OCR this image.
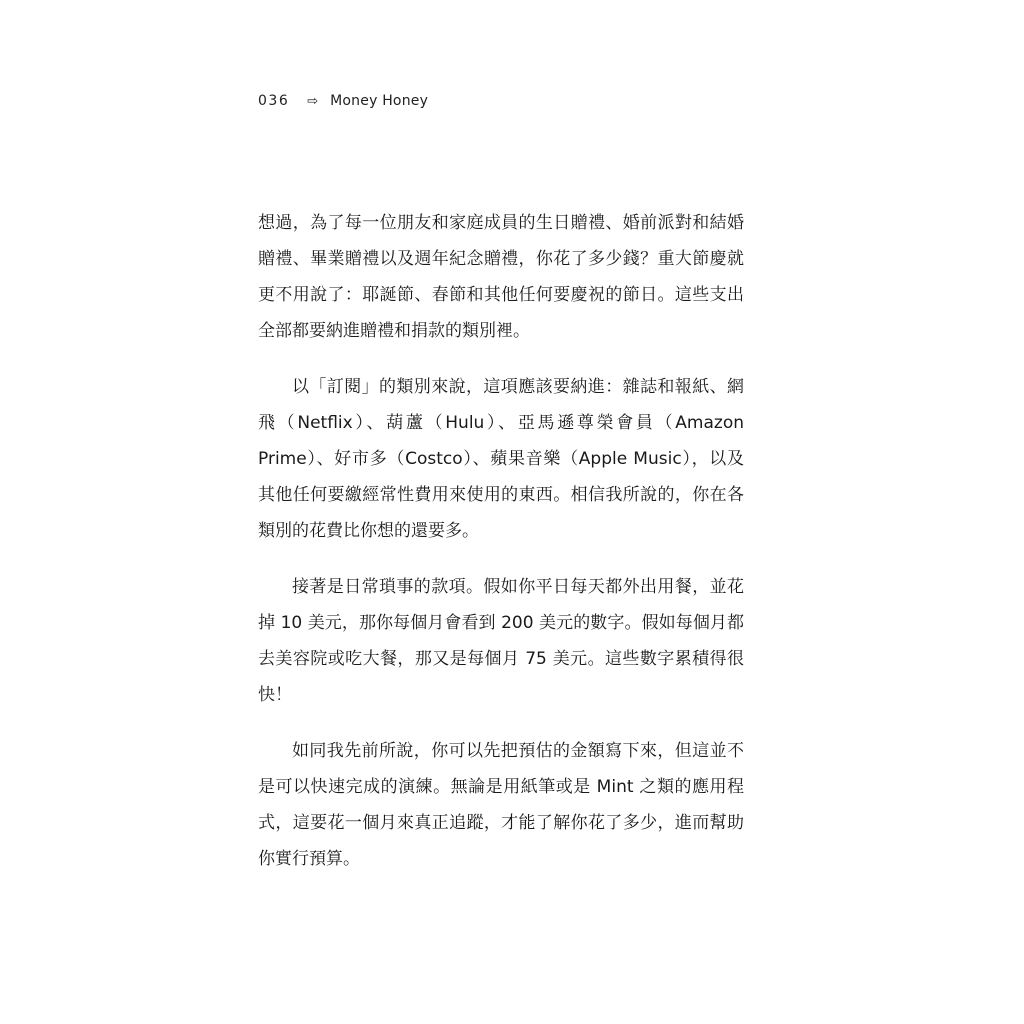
036 ⇨ Money Honey

想過，為了每一位朋友和家庭成員的生日贈禮、婚前派對和結婚贈禮、畢業贈禮以及週年紀念贈禮，你花了多少錢？重大節慶就更不用說了：耶誕節、春節和其他任何要慶祝的節日。這些支出全部都要納進贈禮和捐款的類別裡。

以「訂閱」的類別來說，這項應該要納進：雜誌和報紙、網飛（Netflix）、葫蘆（Hulu）、亞馬遜尊榮會員（Amazon Prime）、好市多（Costco）、蘋果音樂（Apple Music），以及其他任何要繳經常性費用來使用的東西。相信我所說的，你在各類別的花費比你想的還要多。

接著是日常瑣事的款項。假如你平日每天都外出用餐，並花掉 10 美元，那你每個月會看到 200 美元的數字。假如每個月都去美容院或吃大餐，那又是每個月 75 美元。這些數字累積得很快！

如同我先前所說，你可以先把預估的金額寫下來，但這並不是可以快速完成的演練。無論是用紙筆或是 Mint 之類的應用程式，這要花一個月來真正追蹤，才能了解你花了多少，進而幫助你實行預算。
